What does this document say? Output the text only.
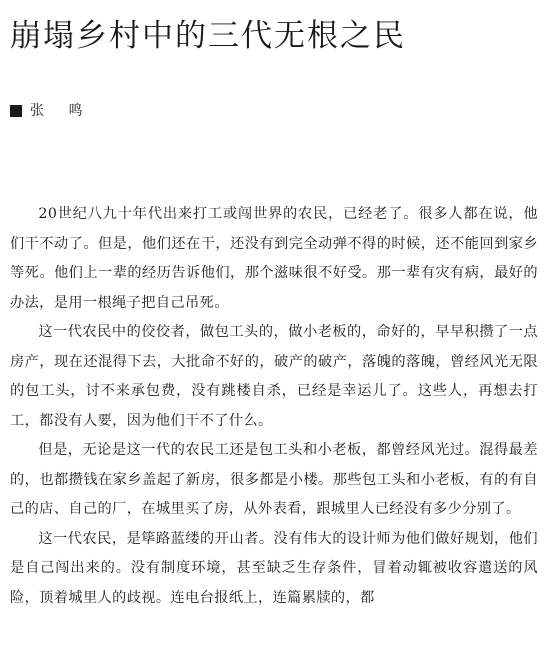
崩塌乡村中的三代无根之民
张 鸣

20世纪八九十年代出来打工或闯世界的农民，已经老了。很多人都在说，他们干不动了。但是，他们还在干，还没有到完全动弹不得的时候，还不能回到家乡等死。他们上一辈的经历告诉他们，那个滋味很不好受。那一辈有灾有病，最好的办法，是用一根绳子把自己吊死。

这一代农民中的佼佼者，做包工头的，做小老板的，命好的，早早积攒了一点房产，现在还混得下去，大批命不好的，破产的破产，落魄的落魄，曾经风光无限的包工头，讨不来承包费，没有跳楼自杀，已经是幸运儿了。这些人，再想去打工，都没有人要，因为他们干不了什么。

但是，无论是这一代的农民工还是包工头和小老板，都曾经风光过。混得最差的，也都攒钱在家乡盖起了新房，很多都是小楼。那些包工头和小老板，有的有自己的店、自己的厂，在城里买了房，从外表看，跟城里人已经没有多少分别了。

这一代农民，是筚路蓝缕的开山者。没有伟大的设计师为他们做好规划，他们是自己闯出来的。没有制度环境，甚至缺乏生存条件，冒着动辄被收容遣送的风险，顶着城里人的歧视。连电台报纸上，连篇累牍的，都
